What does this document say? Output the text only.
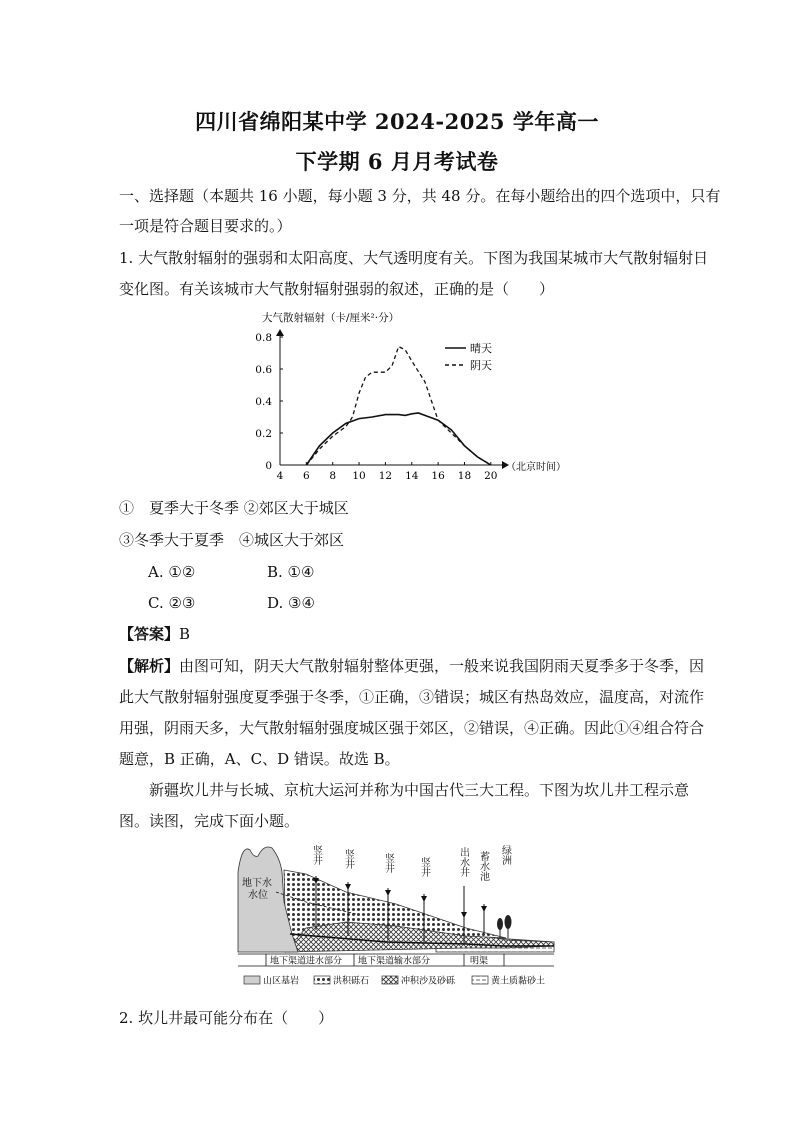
四川省绵阳某中学 2024-2025 学年高一
下学期 6 月月考试卷
一、选择题（本题共 16 小题，每小题 3 分，共 48 分。在每小题给出的四个选项中，只有
一项是符合题目要求的。）
1. 大气散射辐射的强弱和太阳高度、大气透明度有关。下图为我国某城市大气散射辐射日
变化图。有关该城市大气散射辐射强弱的叙述，正确的是（　　）
大气散射辐射（卡/厘米²·分）
4 6 8 10 12 14 16 18 20
0
0.2
0.4
0.6
0.8
晴天
阴天
（北京时间）
①　夏季大于冬季 ②郊区大于城区
③冬季大于夏季　④城区大于郊区
A. ①②	B. ①④
C. ②③	D. ③④
【答案】B
【解析】由图可知，阴天大气散射辐射整体更强，一般来说我国阴雨天夏季多于冬季，因
此大气散射辐射强度夏季强于冬季，①正确，③错误；城区有热岛效应，温度高，对流作
用强，阴雨天多，大气散射辐射强度城区强于郊区，②错误，④正确。因此①④组合符合
题意，B 正确，A、C、D 错误。故选 B。
新疆坎儿井与长城、京杭大运河并称为中国古代三大工程。下图为坎儿井工程示意
图。读图，完成下面小题。
地下水 水位
竖井
竖井
竖井
竖井
出水井
蓄水池
绿洲
地下渠道进水部分 地下渠道输水部分	明渠
山区基岩	洪积砾石	冲积沙及砂砾	黄土质黏砂土
2. 坎儿井最可能分布在（　　）
